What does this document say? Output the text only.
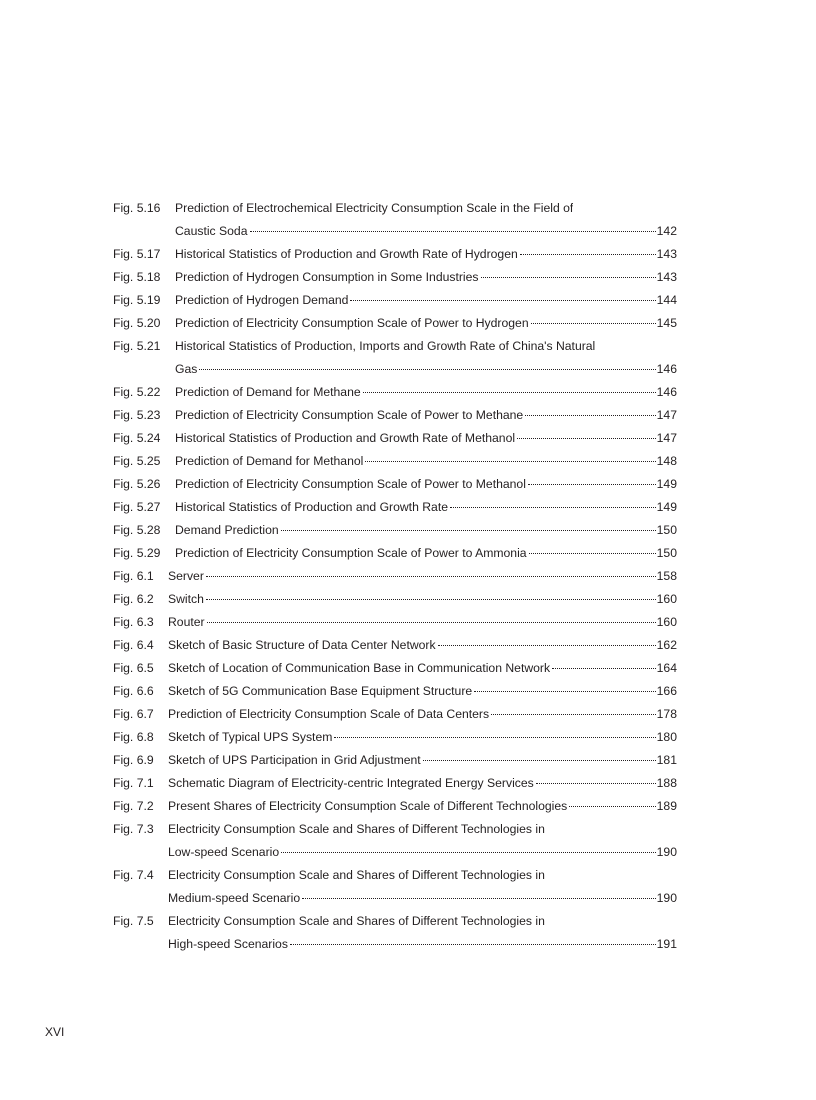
Fig. 5.16	Prediction of Electrochemical Electricity Consumption Scale in the Field of
Caustic Soda	142
Fig. 5.17	Historical Statistics of Production and Growth Rate of Hydrogen	143
Fig. 5.18	Prediction of Hydrogen Consumption in Some Industries	143
Fig. 5.19	Prediction of Hydrogen Demand	144
Fig. 5.20	Prediction of Electricity Consumption Scale of Power to Hydrogen	145
Fig. 5.21	Historical Statistics of Production, Imports and Growth Rate of China's Natural
Gas	146
Fig. 5.22	Prediction of Demand for Methane	146
Fig. 5.23	Prediction of Electricity Consumption Scale of Power to Methane	147
Fig. 5.24	Historical Statistics of Production and Growth Rate of Methanol	147
Fig. 5.25	Prediction of Demand for Methanol	148
Fig. 5.26	Prediction of Electricity Consumption Scale of Power to Methanol	149
Fig. 5.27	Historical Statistics of Production and Growth Rate	149
Fig. 5.28	Demand Prediction	150
Fig. 5.29	Prediction of Electricity Consumption Scale of Power to Ammonia	150
Fig. 6.1	Server	158
Fig. 6.2	Switch	160
Fig. 6.3	Router	160
Fig. 6.4	Sketch of Basic Structure of Data Center Network	162
Fig. 6.5	Sketch of Location of Communication Base in Communication Network	164
Fig. 6.6	Sketch of 5G Communication Base Equipment Structure	166
Fig. 6.7	Prediction of Electricity Consumption Scale of Data Centers	178
Fig. 6.8	Sketch of Typical UPS System	180
Fig. 6.9	Sketch of UPS Participation in Grid Adjustment	181
Fig. 7.1	Schematic Diagram of Electricity-centric Integrated Energy Services	188
Fig. 7.2	Present Shares of Electricity Consumption Scale of Different Technologies	189
Fig. 7.3	Electricity Consumption Scale and Shares of Different Technologies in
Low-speed Scenario	190
Fig. 7.4	Electricity Consumption Scale and Shares of Different Technologies in
Medium-speed Scenario	190
Fig. 7.5	Electricity Consumption Scale and Shares of Different Technologies in
High-speed Scenarios	191
XVI
